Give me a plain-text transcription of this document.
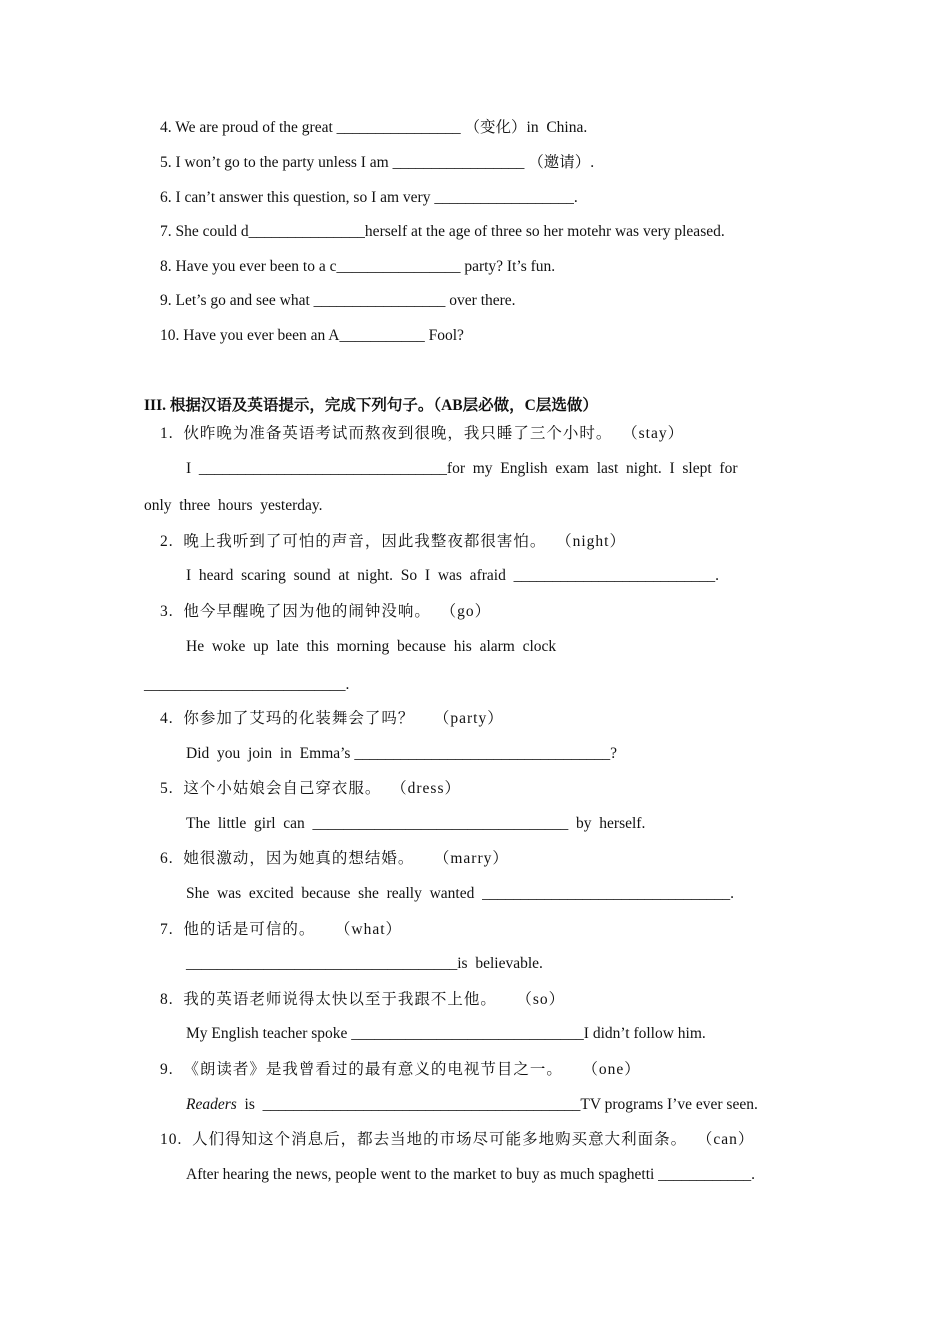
4. We are proud of the great ________________ （变化）in  China.
5. I won’t go to the party unless I am _________________ （邀请）.
6. I can’t answer this question, so I am very __________________.
7. She could d_______________herself at the age of three so her motehr was very pleased.
8. Have you ever been to a c________________ party? It’s fun.
9. Let’s go and see what _________________ over there.
10. Have you ever been an A___________ Fool?
III. 根据汉语及英语提示，完成下列句子。（AB层必做，C层选做）
1.  伙昨晚为准备英语考试而熬夜到很晚，我只睡了三个小时。  （stay）
I  ________________________________for  my  English  exam  last  night.  I  slept  for
only  three  hours  yesterday.
2.  晚上我听到了可怕的声音，因此我整夜都很害怕。  （night）
I  heard  scaring  sound  at  night.  So  I  was  afraid  __________________________.
3.  他今早醒晚了因为他的闹钟没响。  （go）
He  woke  up  late  this  morning  because  his  alarm  clock
__________________________.
4.  你参加了艾玛的化装舞会了吗？    （party）
Did  you  join  in  Emma’s _________________________________?
5.  这个小姑娘会自己穿衣服。  （dress）
The  little  girl  can  _________________________________  by  herself.
6.  她很激动，因为她真的想结婚。    （marry）
She  was  excited  because  she  really  wanted  ________________________________.
7.  他的话是可信的。    （what）
___________________________________is  believable.
8.  我的英语老师说得太快以至于我跟不上他。    （so）
My English teacher spoke ______________________________I didn’t follow him.
9.  《朗读者》是我曾看过的最有意义的电视节目之一。    （one）
Readers  is  _________________________________________TV programs I’ve ever seen.
10.  人们得知这个消息后，都去当地的市场尽可能多地购买意大利面条。  （can）
After hearing the news, people went to the market to buy as much spaghetti ____________.
